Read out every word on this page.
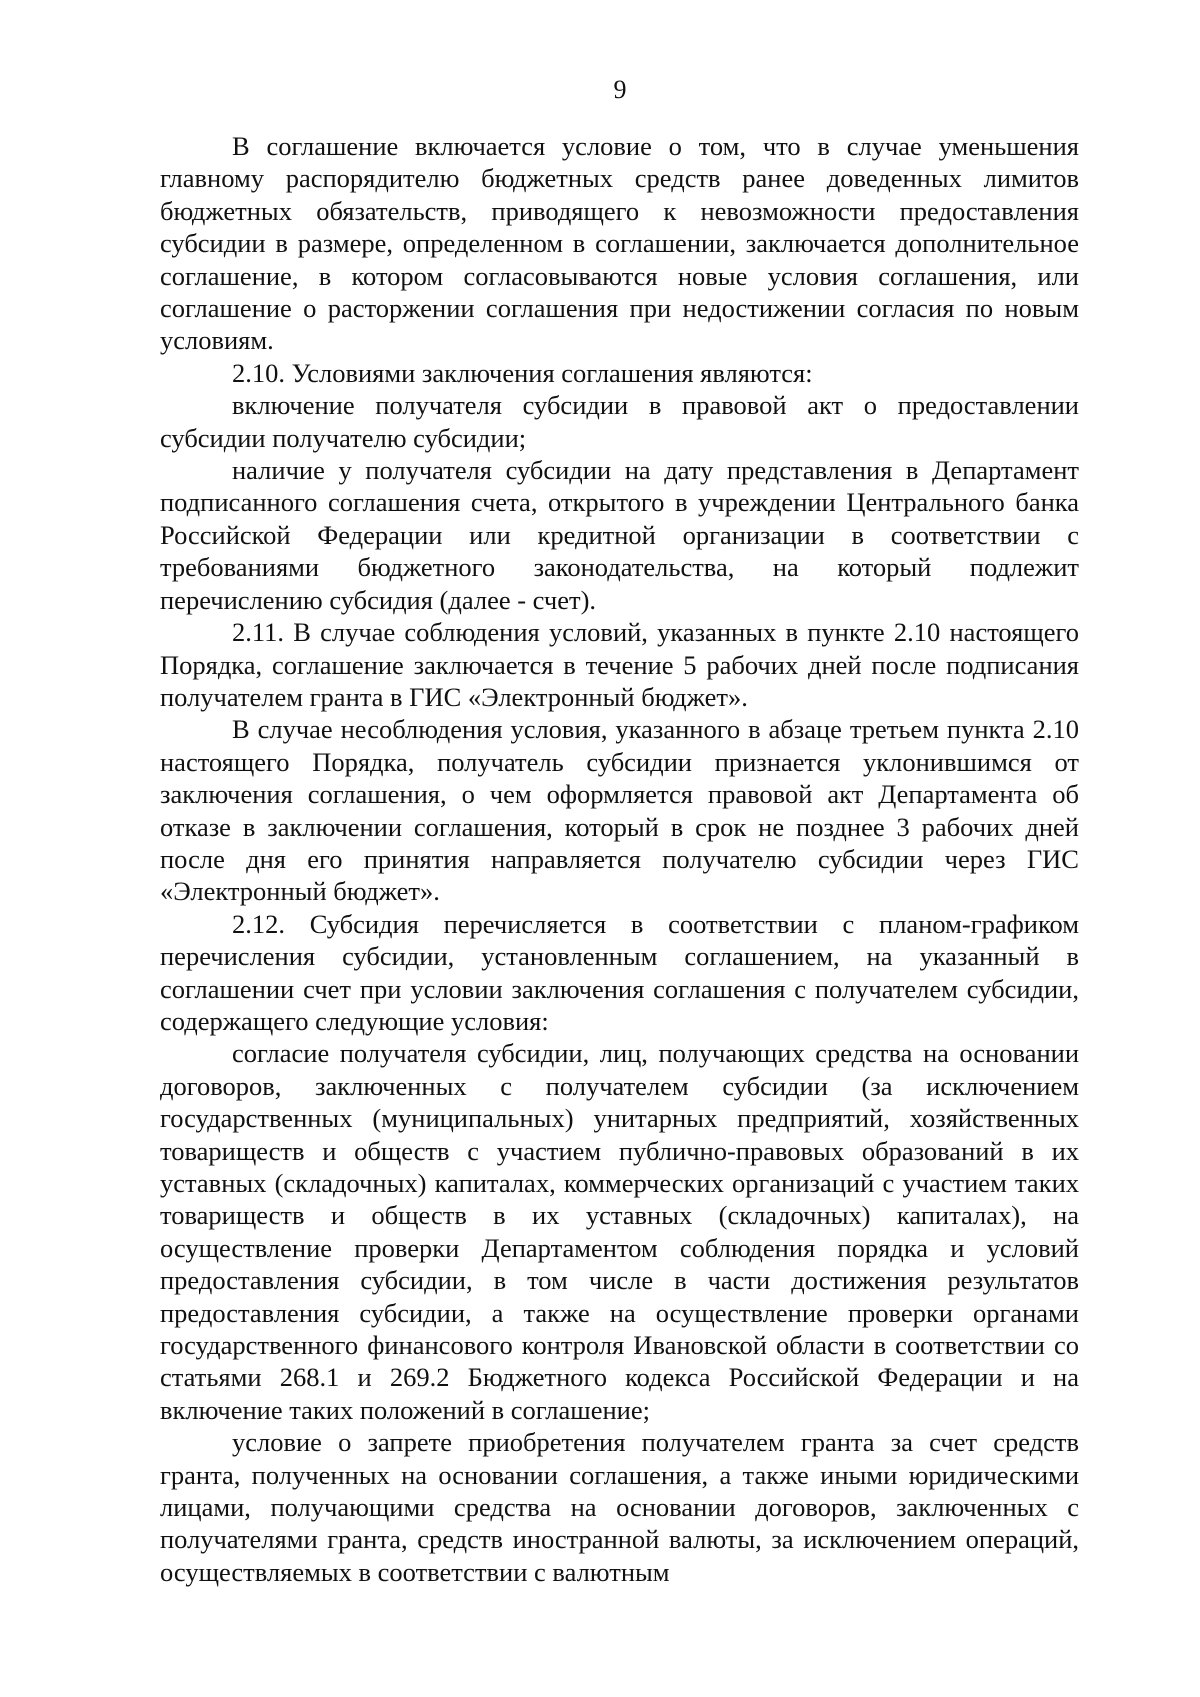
9

В соглашение включается условие о том, что в случае уменьшения главному распорядителю бюджетных средств ранее доведенных лимитов бюджетных обязательств, приводящего к невозможности предоставления субсидии в размере, определенном в соглашении, заключается дополнительное соглашение, в котором согласовываются новые условия соглашения, или соглашение о расторжении соглашения при недостижении согласия по новым условиям.

2.10. Условиями заключения соглашения являются:

включение получателя субсидии в правовой акт о предоставлении субсидии получателю субсидии;

наличие у получателя субсидии на дату представления в Департамент подписанного соглашения счета, открытого в учреждении Центрального банка Российской Федерации или кредитной организации в соответствии с требованиями бюджетного законодательства, на который подлежит перечислению субсидия (далее - счет).

2.11. В случае соблюдения условий, указанных в пункте 2.10 настоящего Порядка, соглашение заключается в течение 5 рабочих дней после подписания получателем гранта в ГИС «Электронный бюджет».

В случае несоблюдения условия, указанного в абзаце третьем пункта 2.10 настоящего Порядка, получатель субсидии признается уклонившимся от заключения соглашения, о чем оформляется правовой акт Департамента об отказе в заключении соглашения, который в срок не позднее 3 рабочих дней после дня его принятия направляется получателю субсидии через ГИС «Электронный бюджет».

2.12. Субсидия перечисляется в соответствии с планом-графиком перечисления субсидии, установленным соглашением, на указанный в соглашении счет при условии заключения соглашения с получателем субсидии, содержащего следующие условия:

согласие получателя субсидии, лиц, получающих средства на основании договоров, заключенных с получателем субсидии (за исключением государственных (муниципальных) унитарных предприятий, хозяйственных товариществ и обществ с участием публично-правовых образований в их уставных (складочных) капиталах, коммерческих организаций с участием таких товариществ и обществ в их уставных (складочных) капиталах), на осуществление проверки Департаментом соблюдения порядка и условий предоставления субсидии, в том числе в части достижения результатов предоставления субсидии, а также на осуществление проверки органами государственного финансового контроля Ивановской области в соответствии со статьями 268.1 и 269.2 Бюджетного кодекса Российской Федерации и на включение таких положений в соглашение;

условие о запрете приобретения получателем гранта за счет средств гранта, полученных на основании соглашения, а также иными юридическими лицами, получающими средства на основании договоров, заключенных с получателями гранта, средств иностранной валюты, за исключением операций, осуществляемых в соответствии с валютным
